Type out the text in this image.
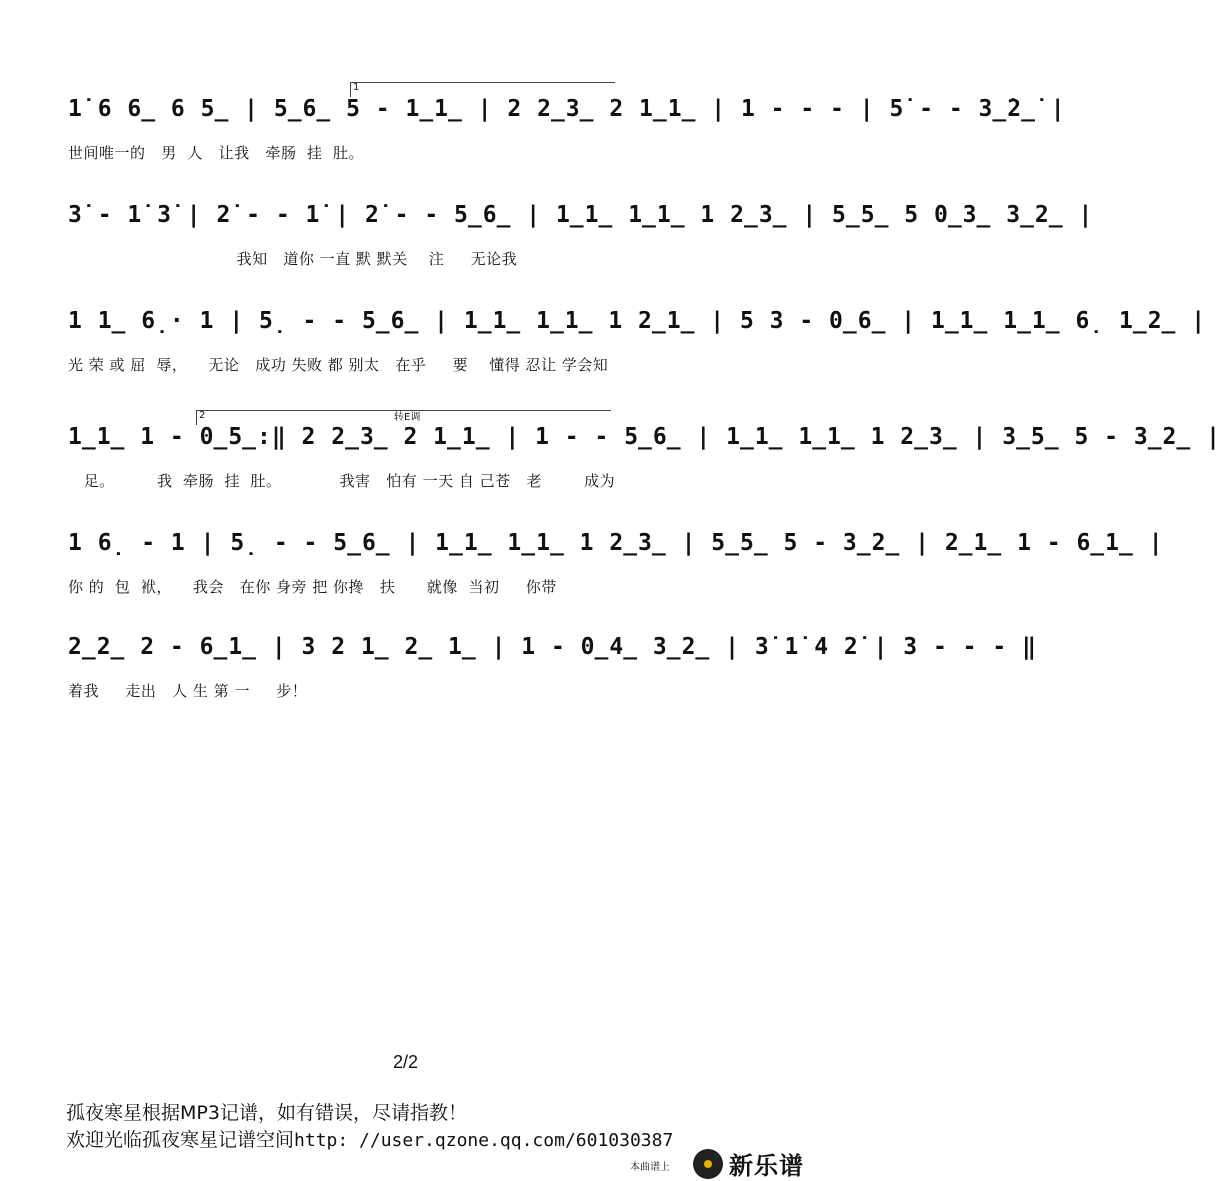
1
1̇ 6 6̲ 6 5̲ | 5̲6̲ 5 - 1̲1̲ | 2 2̲3̲ 2 1̲1̲ | 1 - - - | 5̇ - - 3̲̇2̲̇ |
世间唯一的   男  人   让我   牵肠  挂  肚。
3̇ - 1̇ 3̇ | 2̇ - - 1̇ | 2̇ - - 5̲6̲ | 1̲1̲ 1̲1̲ 1 2̲3̲ | 5̲5̲ 5 0̲3̲ 3̲2̲ |
我知   道你 一直 默 默关    注     无论我
1 1̲ 6̣· 1 | 5̣ - - 5̲6̲ | 1̲1̲ 1̲1̲ 1 2̲1̲ | 5 3 - 0̲6̲ | 1̲1̲ 1̲1̲ 6̣ 1̲2̲ |
光 荣 或 屈  辱，    无论   成功 失败 都 别太   在乎     要    懂得 忍让 学会知
2	转E调
1̲1̲ 1 - 0̲5̲:‖ 2 2̲3̲ 2 1̲1̲ | 1 - - 5̲6̲ | 1̲1̲ 1̲1̲ 1 2̲3̲ | 3̲5̲ 5 - 3̲2̲ |
足。        我  牵肠  挂  肚。           我害   怕有 一天 自 己苍   老        成为
1 6̣ - 1 | 5̣ - - 5̲6̲ | 1̲1̲ 1̲1̲ 1 2̲3̲ | 5̲5̲ 5 - 3̲2̲ | 2̲1̲ 1 - 6̲1̲ |
你 的  包  袱，    我会   在你 身旁 把 你搀   扶      就像  当初     你带
2̲2̲ 2 - 6̲1̲ | 3 2 1̲ 2̲ 1̲ | 1 - 0̲4̲ 3̲2̲ | 3̇ 1̇ 4 2̇ | 3 - - - ‖
着我     走出   人 生 第 一     步！
2/2
孤夜寒星根据MP3记谱，如有错误，尽请指教！
欢迎光临孤夜寒星记谱空间http: //user.qzone.qq.com/601030387
本曲谱上 新乐谱
